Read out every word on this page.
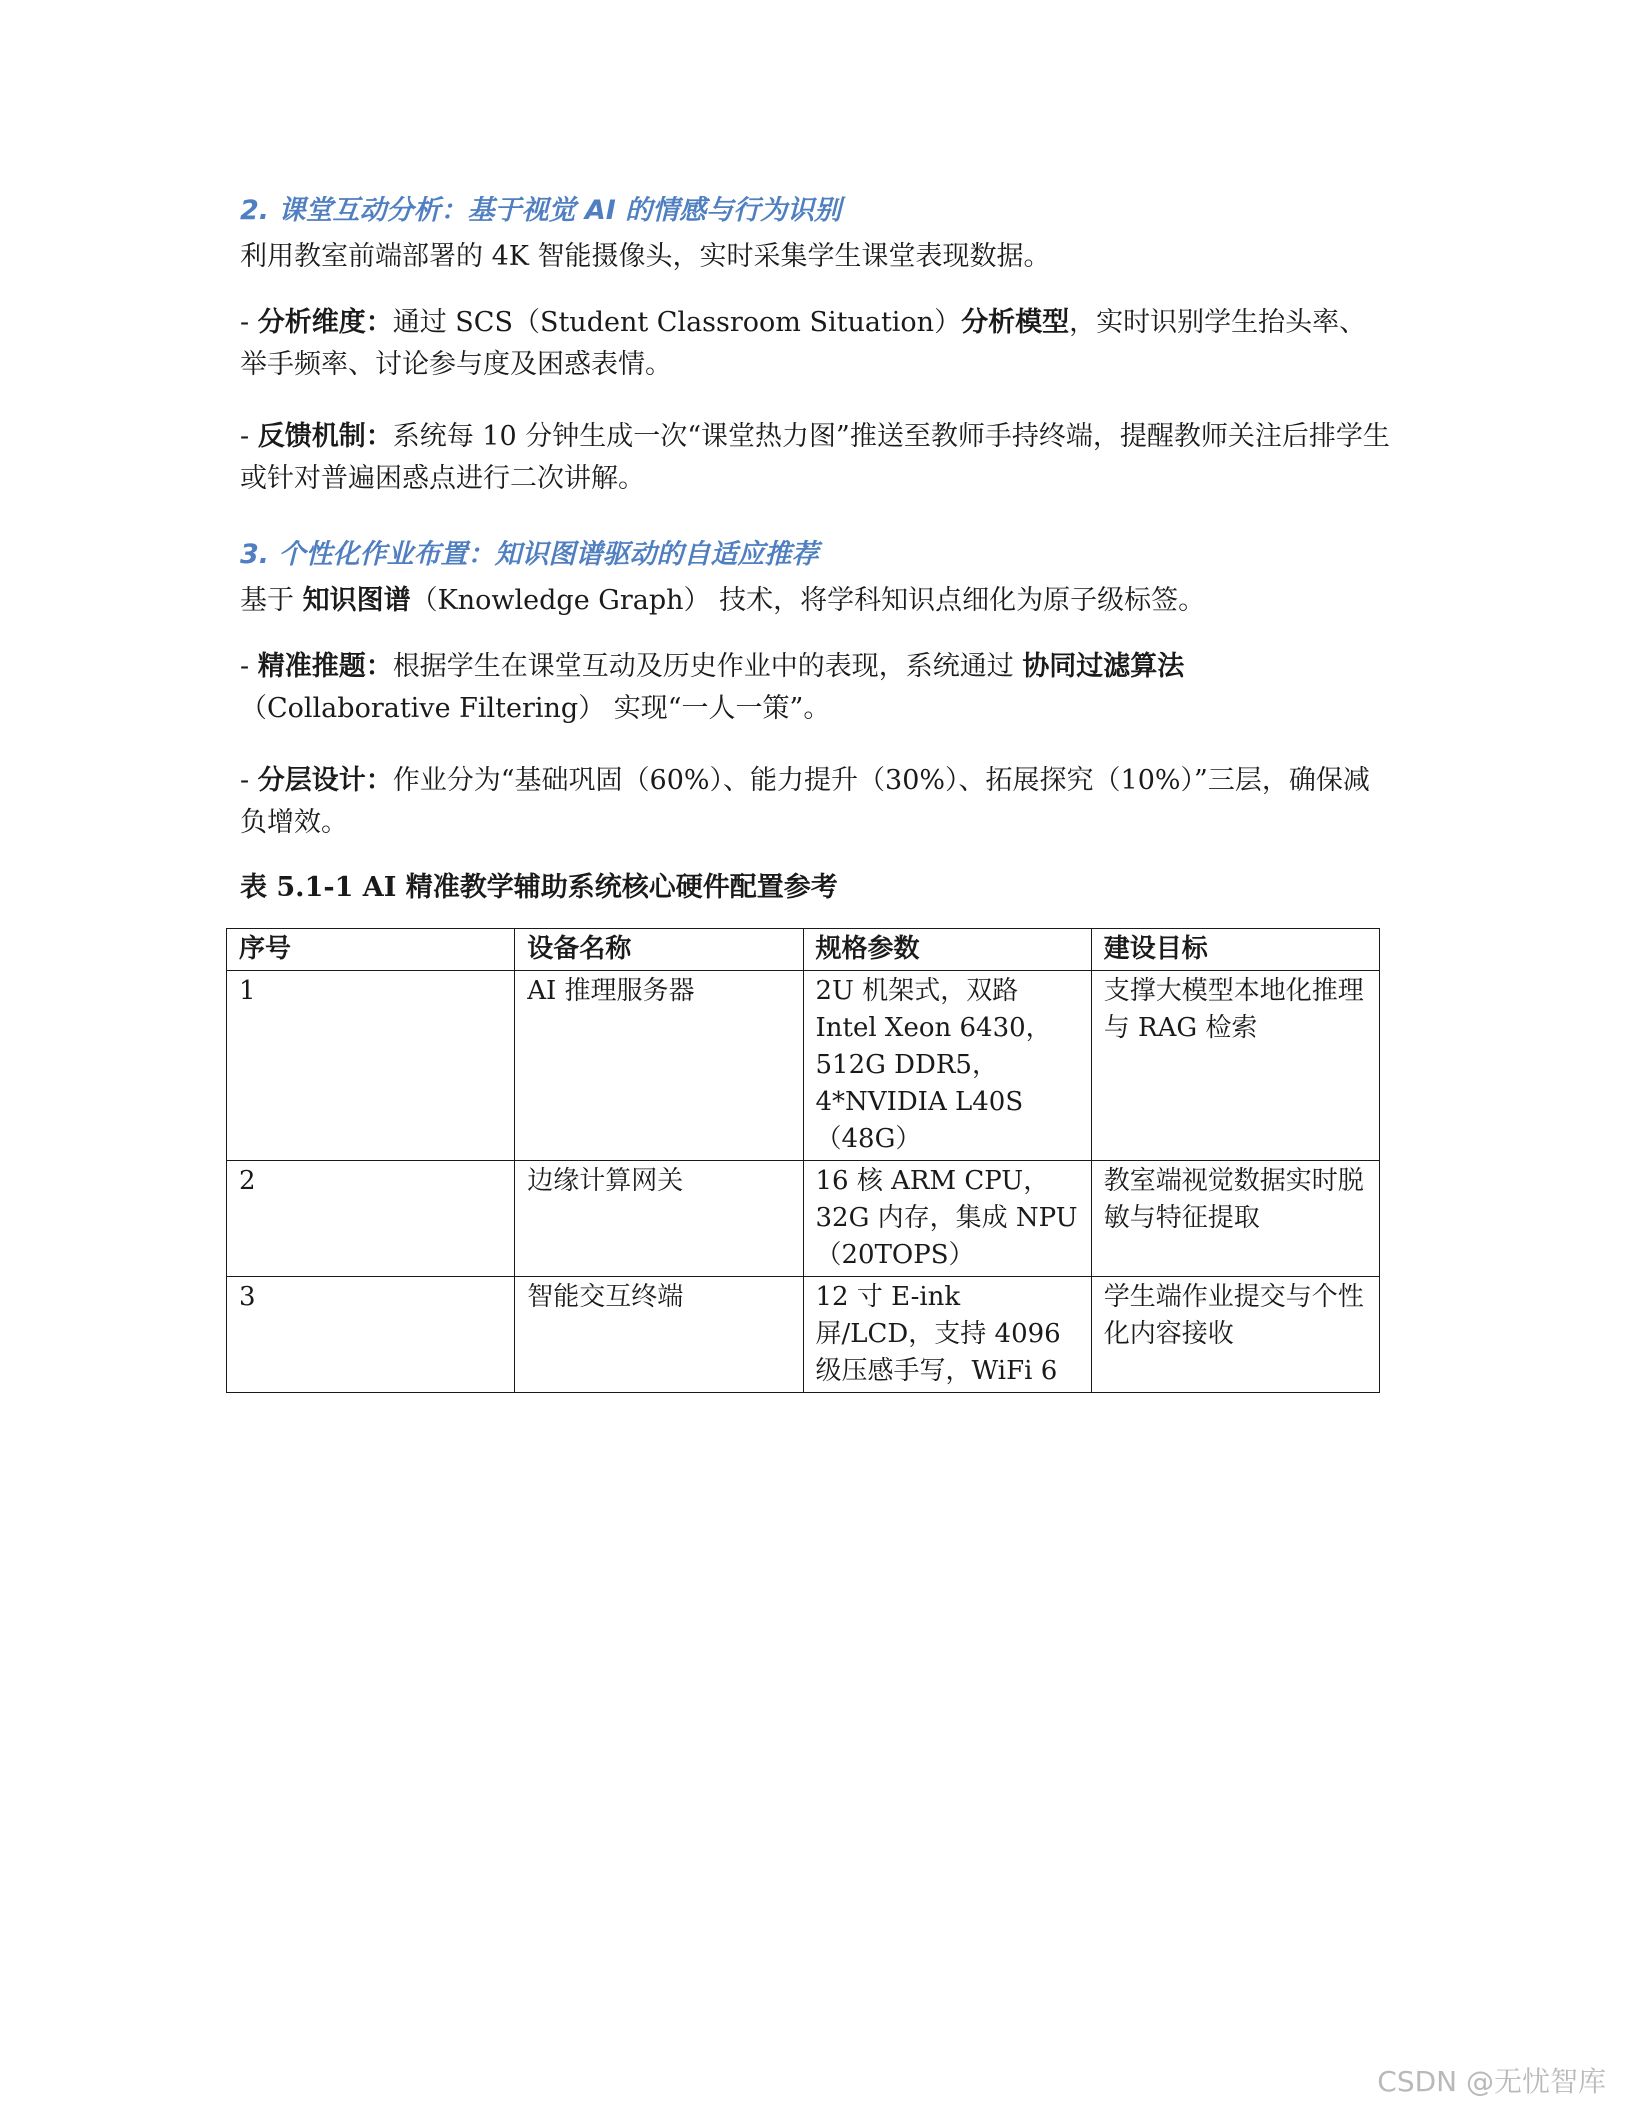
2. 课堂互动分析：基于视觉 AI 的情感与行为识别

利用教室前端部署的 4K 智能摄像头，实时采集学生课堂表现数据。

- 分析维度：通过 SCS（Student Classroom Situation）分析模型，实时识别学生抬头率、举手频率、讨论参与度及困惑表情。

- 反馈机制：系统每 10 分钟生成一次“课堂热力图”推送至教师手持终端，提醒教师关注后排学生或针对普遍困惑点进行二次讲解。

3. 个性化作业布置：知识图谱驱动的自适应推荐

基于 知识图谱（Knowledge Graph） 技术，将学科知识点细化为原子级标签。

- 精准推题：根据学生在课堂互动及历史作业中的表现，系统通过 协同过滤算法（Collaborative Filtering） 实现“一人一策”。

- 分层设计：作业分为“基础巩固（60%）、能力提升（30%）、拓展探究（10%）”三层，确保减负增效。

表 5.1-1 AI 精准教学辅助系统核心硬件配置参考

序号	设备名称	规格参数	建设目标
1	AI 推理服务器	2U 机架式，双路 Intel Xeon 6430，512G DDR5，4*NVIDIA L40S（48G）	支撑大模型本地化推理与 RAG 检索
2	边缘计算网关	16 核 ARM CPU，32G 内存，集成 NPU（20TOPS）	教室端视觉数据实时脱敏与特征提取
3	智能交互终端	12 寸 E-ink 屏/LCD，支持 4096 级压感手写，WiFi 6	学生端作业提交与个性化内容接收
CSDN @无忧智库
